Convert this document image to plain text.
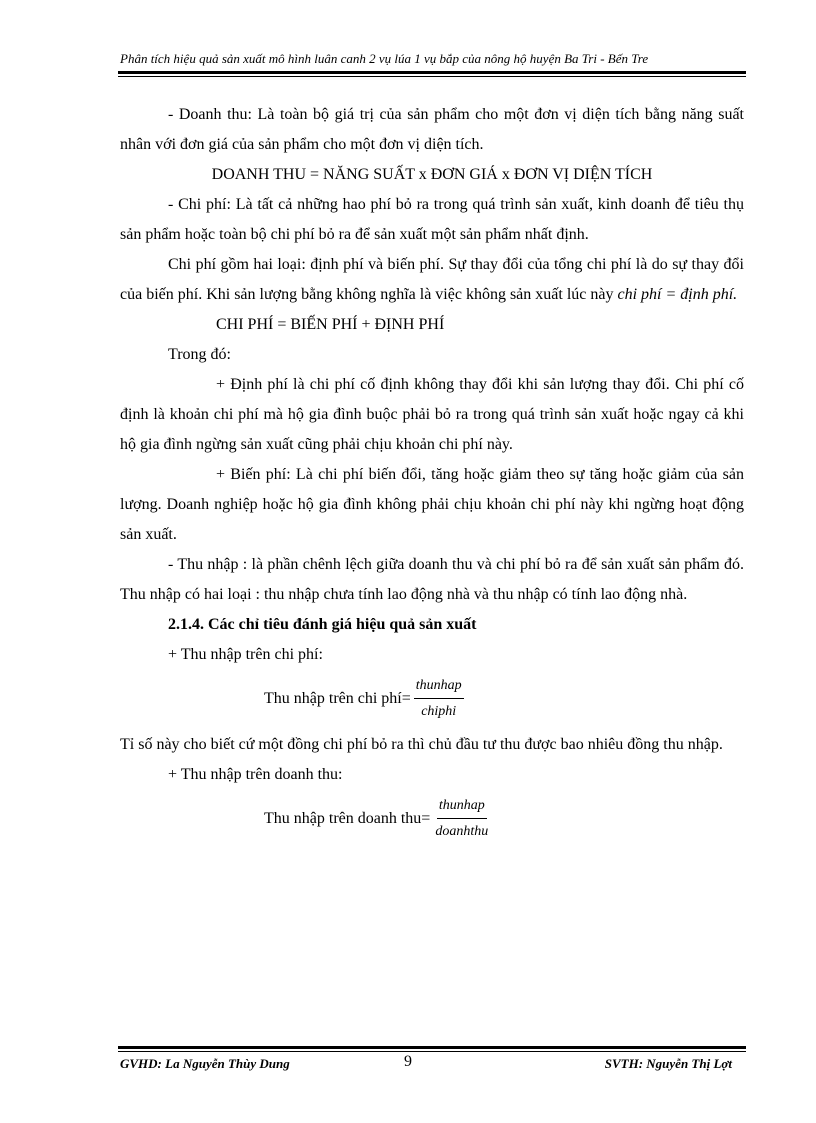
Phân tích hiệu quả sản xuất mô hình luân canh 2 vụ lúa 1 vụ bắp của nông hộ huyện Ba Tri - Bến Tre

- Doanh thu: Là toàn bộ giá trị của sản phẩm cho một đơn vị diện tích bằng năng suất nhân với đơn giá của sản phẩm cho một đơn vị diện tích.

DOANH THU = NĂNG SUẤT x ĐƠN GIÁ x ĐƠN VỊ DIỆN TÍCH

- Chi phí: Là tất cả những hao phí bỏ ra trong quá trình sản xuất, kinh doanh để tiêu thụ sản phẩm hoặc toàn bộ chi phí bỏ ra để sản xuất một sản phẩm nhất định.

Chi phí gồm hai loại: định phí và biến phí. Sự thay đổi của tổng chi phí là do sự thay đổi của biến phí. Khi sản lượng bằng không nghĩa là việc không sản xuất lúc này chi phí = định phí.

CHI PHÍ = BIẾN PHÍ + ĐỊNH PHÍ

Trong đó:

+ Định phí là chi phí cố định không thay đổi khi sản lượng thay đổi. Chi phí cố định là khoản chi phí mà hộ gia đình buộc phải bỏ ra trong quá trình sản xuất hoặc ngay cả khi hộ gia đình ngừng sản xuất cũng phải chịu khoản chi phí này.

+ Biến phí: Là chi phí biến đổi, tăng hoặc giảm theo sự tăng hoặc giảm của sản lượng. Doanh nghiệp hoặc hộ gia đình không phải chịu khoản chi phí này khi ngừng hoạt động sản xuất.

- Thu nhập : là phần chênh lệch giữa doanh thu và chi phí bỏ ra để sản xuất sản phẩm đó. Thu nhập có hai loại : thu nhập chưa tính lao động nhà và thu nhập có tính lao động nhà.

2.1.4. Các chỉ tiêu đánh giá hiệu quả sản xuất

+ Thu nhập trên chi phí:

Thu nhập trên chi phí= $\frac{\text{thunhap}}{\text{chiphi}}$

Tỉ số này cho biết cứ một đồng chi phí bỏ ra thì chủ đầu tư thu được bao nhiêu đồng thu nhập.

+ Thu nhập trên doanh thu:

Thu nhập trên doanh $thu= \frac{\text{thunhap}}{\text{doanhthu}}$
GVHD: La Nguyễn Thùy Dung	9	SVTH: Nguyễn Thị Lợt
